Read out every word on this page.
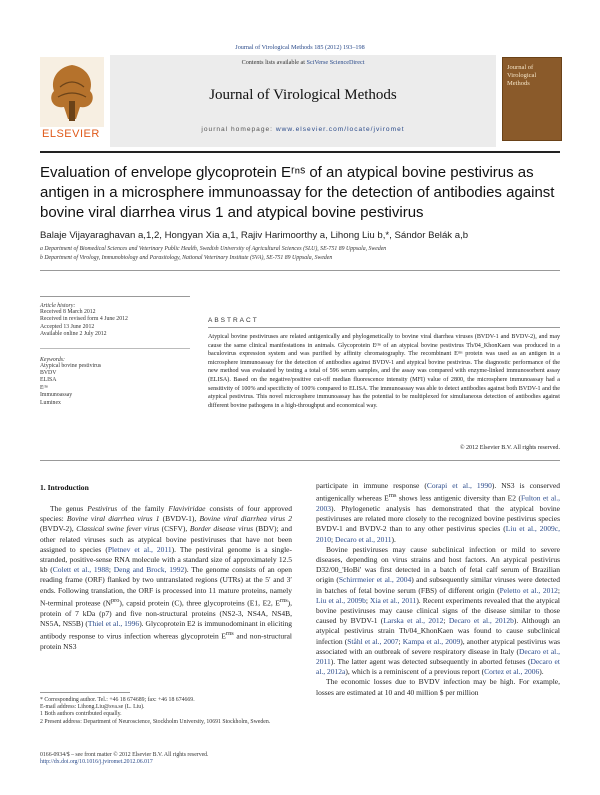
Journal of Virological Methods 185 (2012) 193–198
ELSEVIER
Contents lists available at SciVerse ScienceDirect
Journal of Virological Methods
journal homepage: www.elsevier.com/locate/jviromet
Journal of Virological Methods
Evaluation of envelope glycoprotein Eʳⁿˢ of an atypical bovine pestivirus as antigen in a microsphere immunoassay for the detection of antibodies against bovine viral diarrhea virus 1 and atypical bovine pestivirus
Balaje Vijayaraghavan a,1,2, Hongyan Xia a,1, Rajiv Harimoorthy a, Lihong Liu b,*, Sándor Belák a,b
a Department of Biomedical Sciences and Veterinary Public Health, Swedish University of Agricultural Sciences (SLU), SE-751 89 Uppsala, Sweden
b Department of Virology, Immunobiology and Parasitology, National Veterinary Institute (SVA), SE-751 89 Uppsala, Sweden
Article history:
Received 8 March 2012
Received in revised form 4 June 2012
Accepted 13 June 2012
Available online 2 July 2012
Keywords:
Atypical bovine pestivirus
BVDV
ELISA
Eʳⁿˢ
Immunoassay
Luminex
ABSTRACT
Atypical bovine pestiviruses are related antigenically and phylogenetically to bovine viral diarrhea viruses (BVDV-1 and BVDV-2), and may cause the same clinical manifestations in animals. Glycoprotein Eʳⁿˢ of an atypical bovine pestivirus Th/04_KhonKaen was produced in a baculovirus expression system and was purified by affinity chromatography. The recombinant Eʳⁿˢ protein was used as an antigen in a microsphere immunoassay for the detection of antibodies against BVDV-1 and atypical bovine pestivirus. The diagnostic performance of the new method was evaluated by testing a total of 596 serum samples, and the assay was compared with enzyme-linked immunosorbent assay (ELISA). Based on the negative/positive cut-off median fluorescence intensity (MFI) value of 2800, the microsphere immunoassay had a sensitivity of 100% and specificity of 100% compared to ELISA. The immunoassay was able to detect antibodies against both BVDV-1 and the atypical pestivirus. This novel microsphere immunoassay has the potential to be multiplexed for simultaneous detection of antibodies against different bovine pathogens in a high-throughput and economical way.
© 2012 Elsevier B.V. All rights reserved.
1. Introduction

The genus Pestivirus of the family Flaviviridae consists of four approved species: Bovine viral diarrhea virus 1 (BVDV-1), Bovine viral diarrhea virus 2 (BVDV-2), Classical swine fever virus (CSFV), Border disease virus (BDV); and other related viruses such as atypical bovine pestiviruses that have not been assigned to species (Pletnev et al., 2011). The pestiviral genome is a single-stranded, positive-sense RNA molecule with a standard size of approximately 12.5 kb (Colett et al., 1988; Deng and Brock, 1992). The genome consists of an open reading frame (ORF) flanked by two untranslated regions (UTRs) at the 5′ and 3′ ends. Following translation, the ORF is processed into 11 mature proteins, namely N-terminal protease $(N^{pro})$, capsid protein (C), three glycoproteins (E1, E2, $E^{rns}$), protein of 7 kDa (p7) and five non-structural proteins (NS2-3, NS4A, NS4B, NS5A, NS5B) (Thiel et al., 1996). Glycoprotein E2 is immunodominant in eliciting antibody response to virus infection whereas glycoprotein $E^{rns}$ and non-structural protein NS3

* Corresponding author. Tel.: +46 18 674689; fax: +46 18 674669.
E-mail address: Lihong.Liu@sva.se (L. Liu).
1 Both authors contributed equally.
2 Present address: Department of Neuroscience, Stockholm University, 10691 Stockholm, Sweden.
0166-0934/$ – see front matter © 2012 Elsevier B.V. All rights reserved.
http://dx.doi.org/10.1016/j.jviromet.2012.06.017

participate in immune response (Corapi et al., 1990). NS3 is conserved antigenically whereas $E^{rns}$ shows less antigenic diversity than E2 (Fulton et al., 2003). Phylogenetic analysis has demonstrated that the atypical bovine pestiviruses are related more closely to the recognized bovine pestivirus species BVDV-1 and BVDV-2 than to any other pestivirus species (Liu et al., 2009c, 2010; Decaro et al., 2011).

Bovine pestiviruses may cause subclinical infection or mild to severe diseases, depending on virus strains and host factors. An atypical pestivirus D32/00_'HoBi' was first detected in a batch of fetal calf serum of Brazilian origin (Schirrmeier et al., 2004) and subsequently similar viruses were detected in batches of fetal bovine serum (FBS) of different origin (Peletto et al., 2012; Liu et al., 2009b; Xia et al., 2011). Recent experiments revealed that the atypical bovine pestiviruses may cause clinical signs of the disease similar to those caused by BVDV-1 (Larska et al., 2012; Decaro et al., 2012b). Although an atypical pestivirus strain Th/04_KhonKaen was found to cause subclinical infection (Ståhl et al., 2007; Kampa et al., 2009), another atypical pestivirus was associated with an outbreak of severe respiratory disease in Italy (Decaro et al., 2011). The latter agent was detected subsequently in aborted fetuses (Decaro et al., 2012a), which is a reminiscent of a previous report (Cortez et al., 2006).

The economic losses due to BVDV infection may be high. For example, losses are estimated at 10 and 40 million $ per million
